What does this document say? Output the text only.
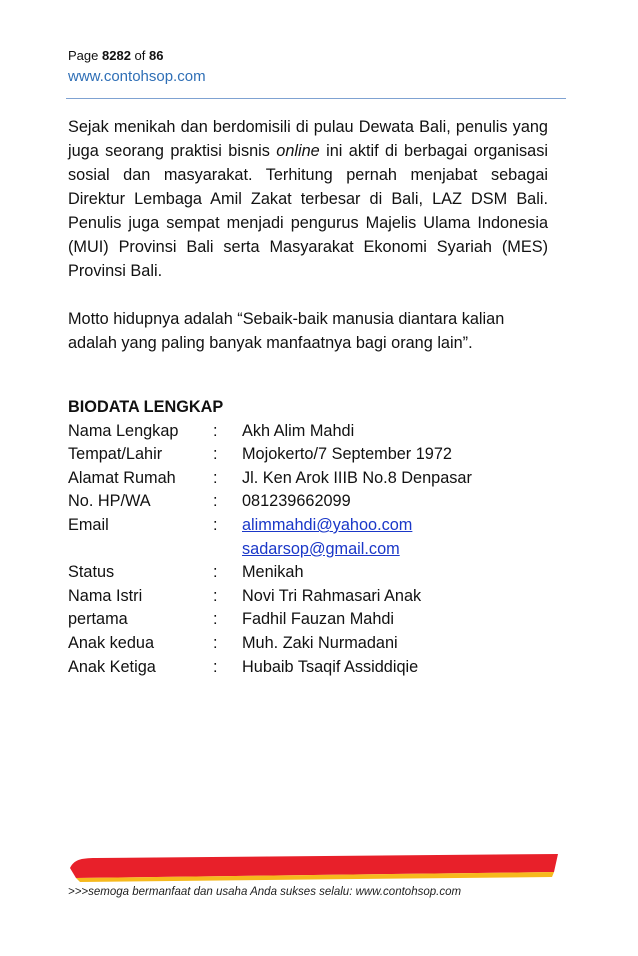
Page 8282 of 86
www.contohsop.com

Sejak menikah dan berdomisili di pulau Dewata Bali, penulis yang juga seorang praktisi bisnis online ini aktif di berbagai organisasi sosial dan masyarakat. Terhitung pernah menjabat sebagai Direktur Lembaga Amil Zakat terbesar di Bali, LAZ DSM Bali. Penulis juga sempat menjadi pengurus Majelis Ulama Indonesia (MUI) Provinsi Bali serta Masyarakat Ekonomi Syariah (MES) Provinsi Bali.

Motto hidupnya adalah “Sebaik-baik manusia diantara kalian adalah yang paling banyak manfaatnya bagi orang lain”.

BIODATA LENGKAP
Nama Lengkap	:	Akh Alim Mahdi
Tempat/Lahir	:	Mojokerto/7 September 1972
Alamat Rumah	:	Jl. Ken Arok IIIB No.8 Denpasar
No. HP/WA	:	081239662099
Email	:	alimmahdi@yahoo.com
sadarsop@gmail.com
Status	:	Menikah
Nama Istri	:	Novi Tri Rahmasari Anak
pertama	:	Fadhil Fauzan Mahdi
Anak kedua	:	Muh. Zaki Nurmadani
Anak Ketiga	:	Hubaib Tsaqif Assiddiqie
>>>semoga bermanfaat dan usaha Anda sukses selalu: www.contohsop.com
